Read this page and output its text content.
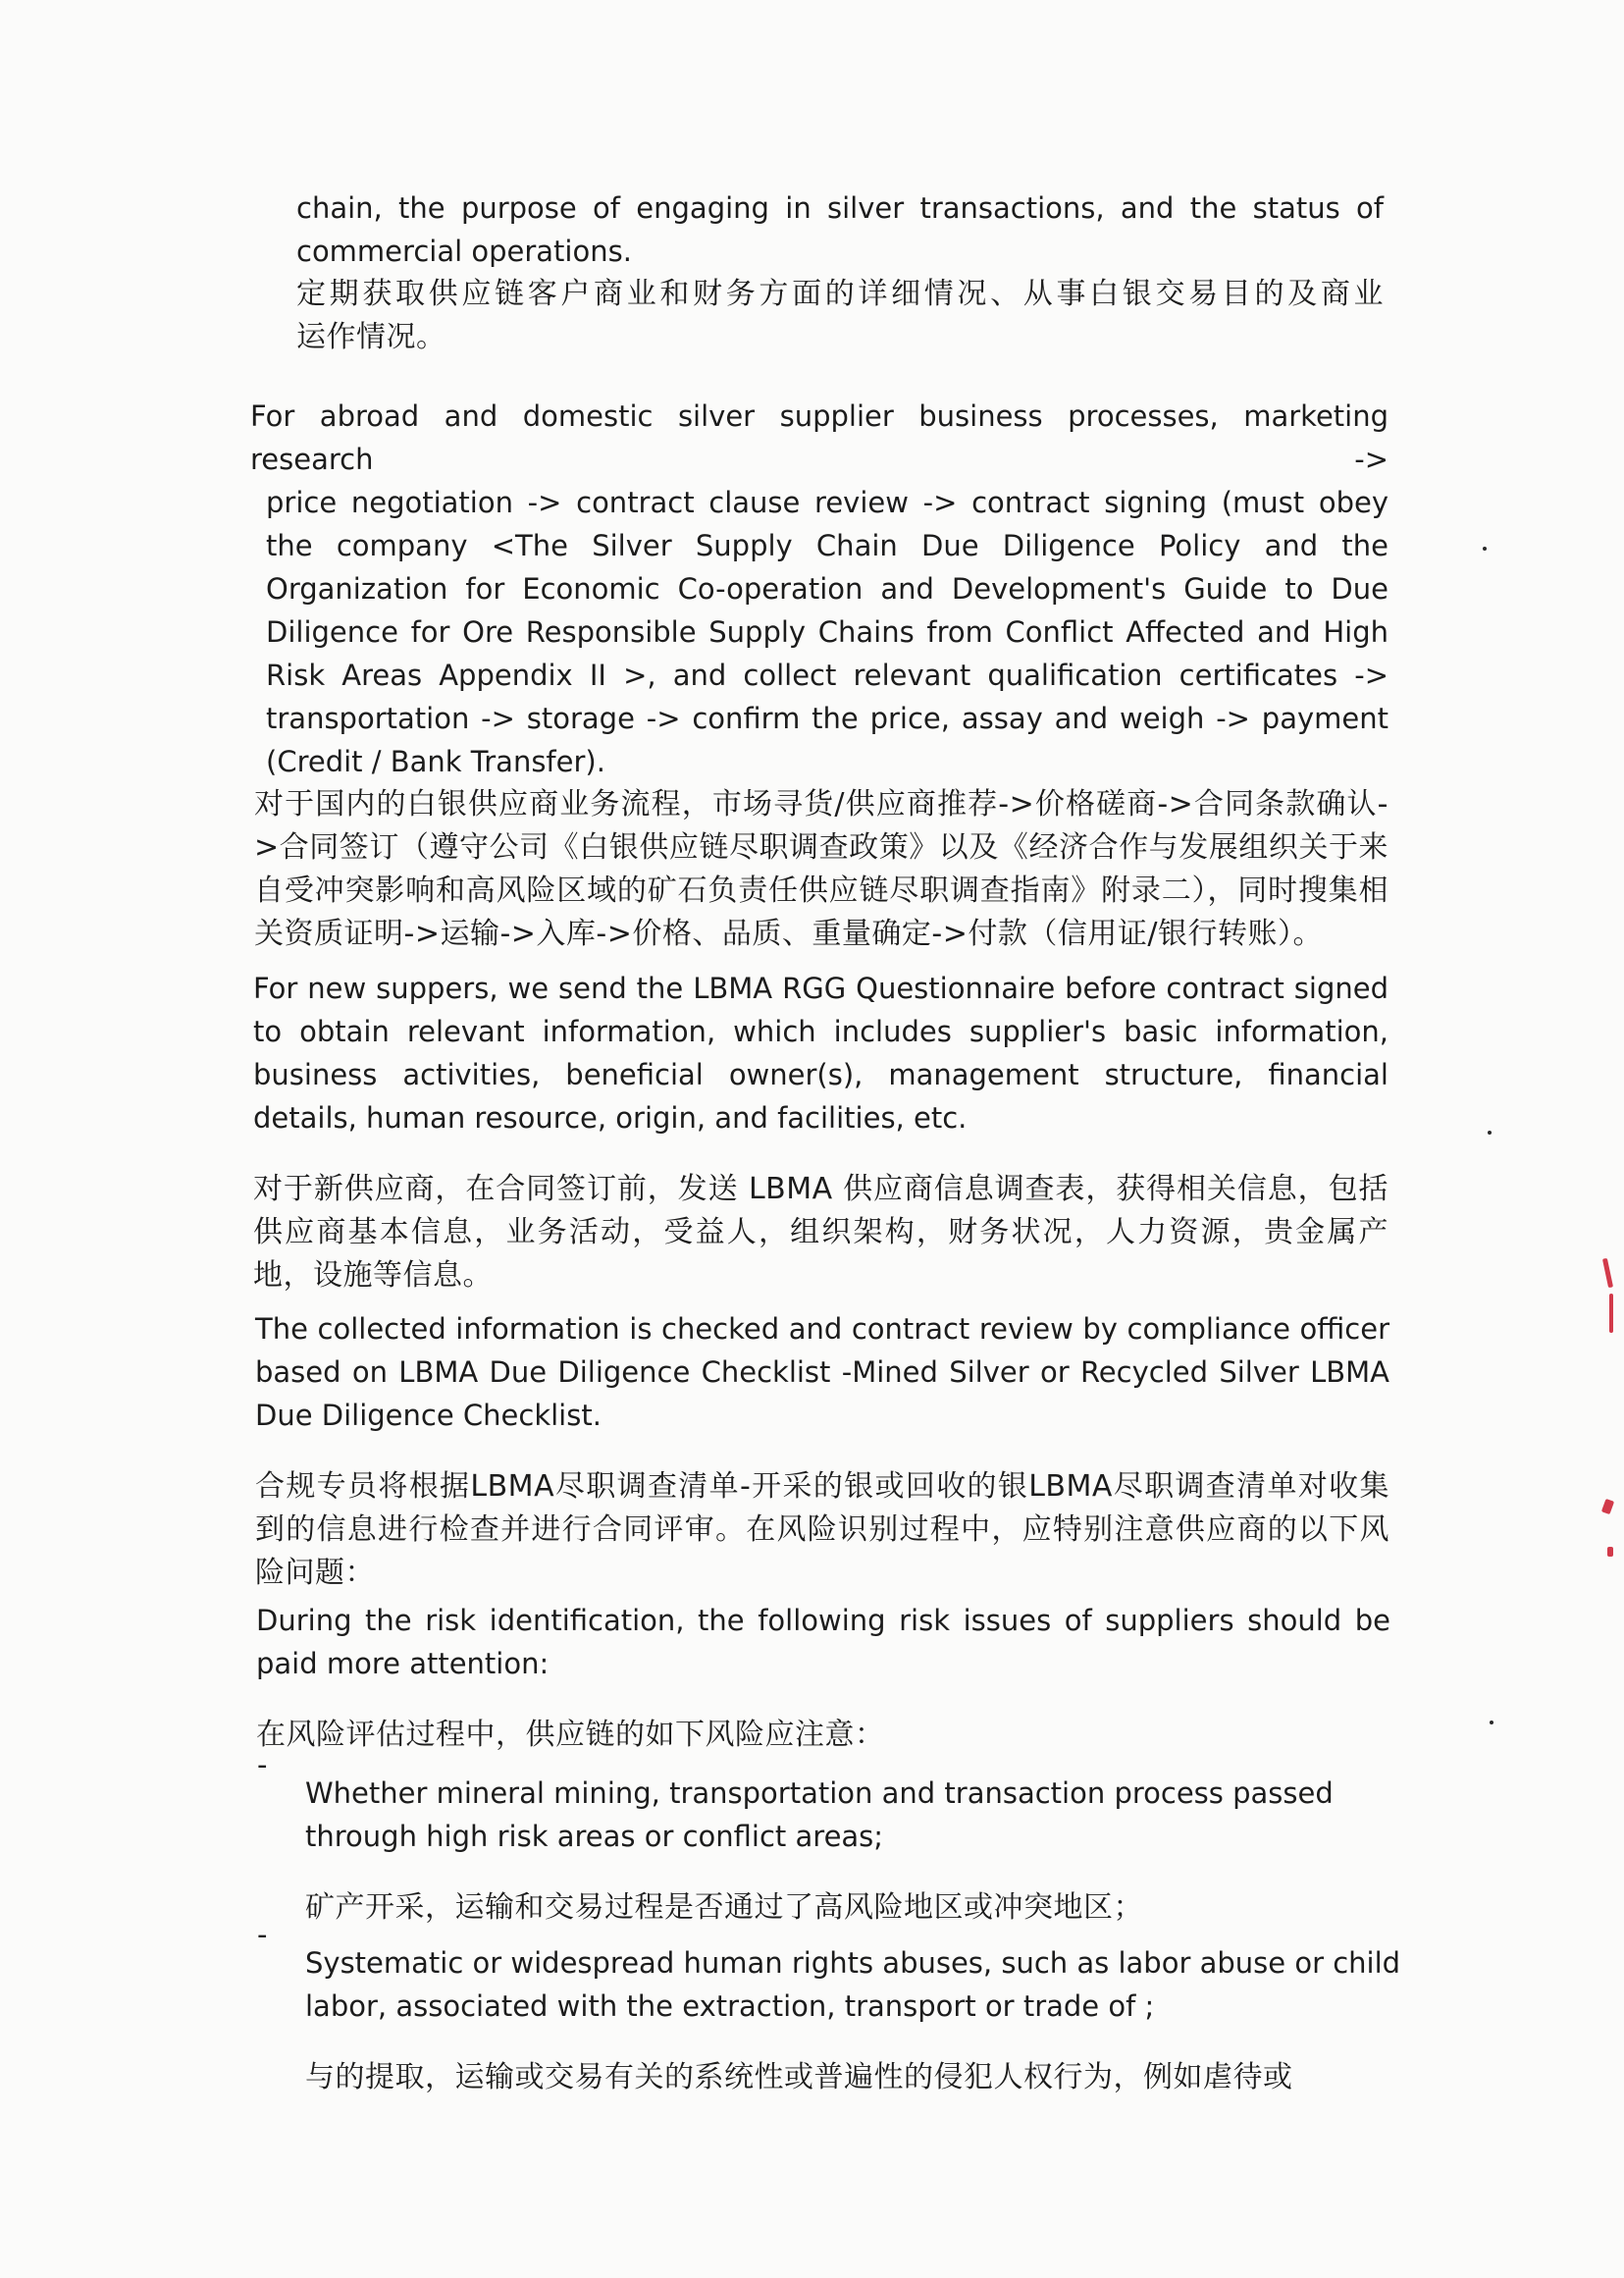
chain, the purpose of engaging in silver transactions, and the status of commercial operations.

定期获取供应链客户商业和财务方面的详细情况、从事白银交易目的及商业

运作情况。

For abroad and domestic silver supplier business processes, marketing research ->

price negotiation -> contract clause review -> contract signing (must obey the company <The Silver Supply Chain Due Diligence Policy and the Organization for Economic Co-operation and Development's Guide to Due Diligence for Ore Responsible Supply Chains from Conflict Affected and High Risk Areas Appendix II >, and collect relevant qualification certificates -> transportation -> storage -> confirm the price, assay and weigh -> payment (Credit / Bank Transfer).

对于国内的白银供应商业务流程，市场寻货/供应商推荐->价格磋商->合同条款确认->合同签订（遵守公司《白银供应链尽职调查政策》以及《经济合作与发展组织关于来自受冲突影响和高风险区域的矿石负责任供应链尽职调查指南》附录二），同时搜集相关资质证明->运输->入库->价格、品质、重量确定->付款（信用证/银行转账）。

For new suppers, we send the LBMA RGG Questionnaire before contract signed to obtain relevant information, which includes supplier's basic information, business activities, beneficial owner(s), management structure, financial details, human resource, origin, and facilities, etc.

对于新供应商，在合同签订前，发送 LBMA 供应商信息调查表，获得相关信息，包括供应商基本信息，业务活动，受益人，组织架构，财务状况，人力资源，贵金属产地，设施等信息。

The collected information is checked and contract review by compliance officer based on LBMA Due Diligence Checklist -Mined Silver or Recycled Silver LBMA Due Diligence Checklist.

合规专员将根据LBMA尽职调查清单-开采的银或回收的银LBMA尽职调查清单对收集到的信息进行检查并进行合同评审。在风险识别过程中，应特别注意供应商的以下风险问题：

During the risk identification, the following risk issues of suppliers should be paid more attention:

在风险评估过程中，供应链的如下风险应注意：

-

Whether mineral mining, transportation and transaction process passed through high risk areas or conflict areas;

矿产开采，运输和交易过程是否通过了高风险地区或冲突地区；

-

Systematic or widespread human rights abuses, such as labor abuse or child labor, associated with the extraction, transport or trade of ;

与的提取，运输或交易有关的系统性或普遍性的侵犯人权行为，例如虐待或
